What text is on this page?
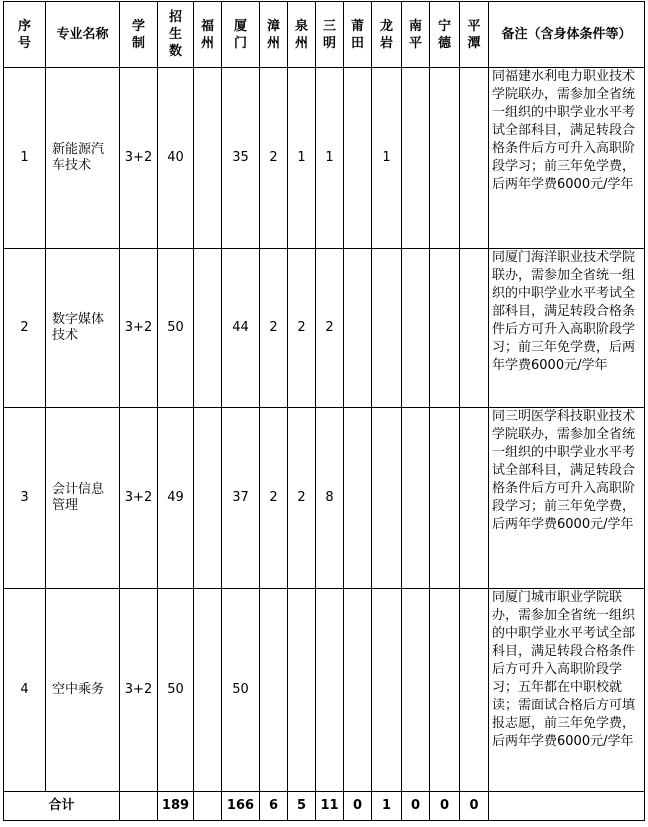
序号	专业名称	学制	招生数	福州	厦门	漳州	泉州	三明	莆田	龙岩	南平	宁德	平潭	备注（含身体条件等）
1	新能源汽车技术	3+2	40		35	2	1	1		1				同福建水利电力职业技术学院联办，需参加全省统一组织的中职学业水平考试全部科目，满足转段合格条件后方可升入高职阶段学习；前三年免学费，后两年学费6000元/学年
2	数字媒体技术	3+2	50		44	2	2	2						同厦门海洋职业技术学院联办，需参加全省统一组织的中职学业水平考试全部科目，满足转段合格条件后方可升入高职阶段学习；前三年免学费，后两年学费6000元/学年
3	会计信息管理	3+2	49		37	2	2	8						同三明医学科技职业技术学院联办，需参加全省统一组织的中职学业水平考试全部科目，满足转段合格条件后方可升入高职阶段学习；前三年免学费，后两年学费6000元/学年
4	空中乘务	3+2	50		50									同厦门城市职业学院联办，需参加全省统一组织的中职学业水平考试全部科目，满足转段合格条件后方可升入高职阶段学习；五年都在中职校就读；需面试合格后方可填报志愿，前三年免学费，后两年学费6000元/学年
合计			189		166	6	5	11	0	1	0	0	0	
